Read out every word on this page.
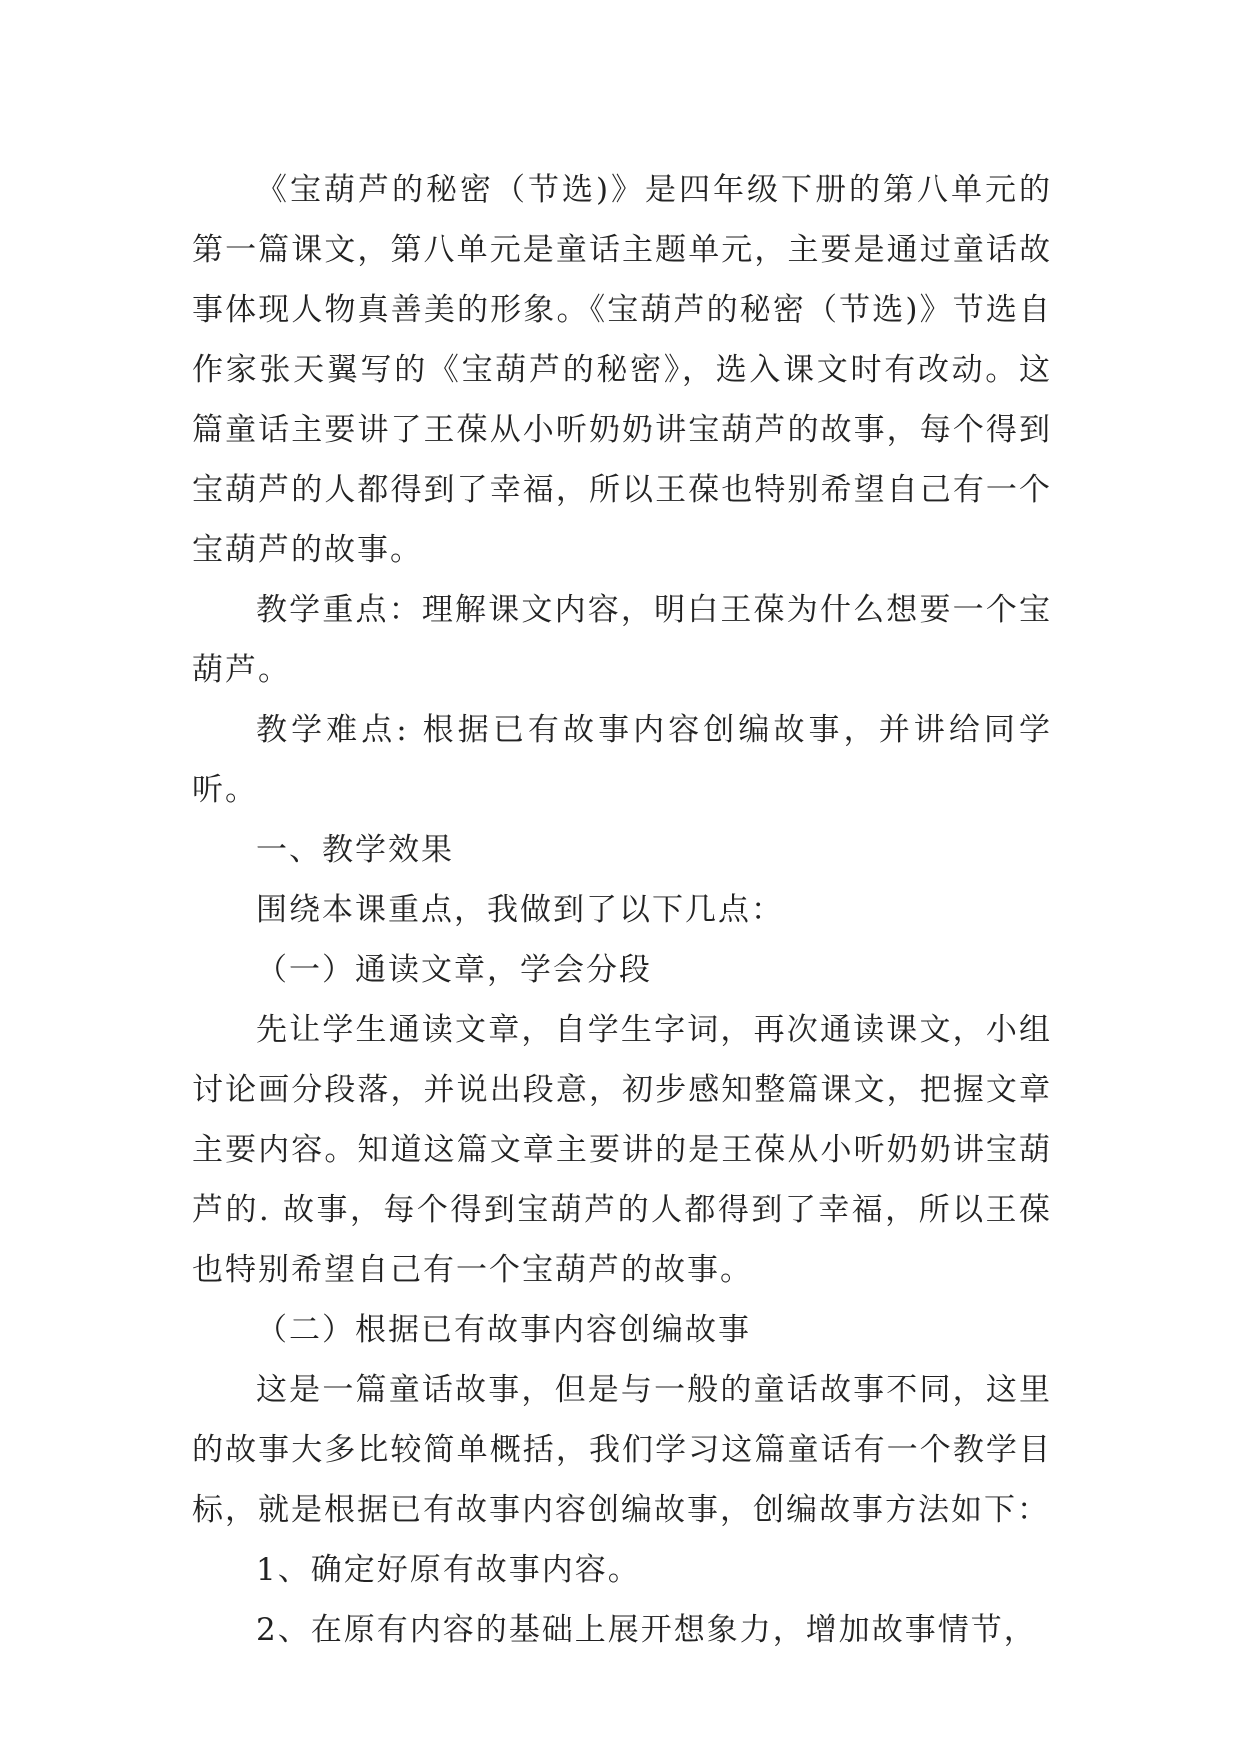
《宝葫芦的秘密（节选)》是四年级下册的第八单元的第一篇课文，第八单元是童话主题单元，主要是通过童话故事体现人物真善美的形象。《宝葫芦的秘密（节选)》节选自作家张天翼写的《宝葫芦的秘密》，选入课文时有改动。这篇童话主要讲了王葆从小听奶奶讲宝葫芦的故事，每个得到宝葫芦的人都得到了幸福，所以王葆也特别希望自己有一个宝葫芦的故事。

教学重点：理解课文内容，明白王葆为什么想要一个宝葫芦。

教学难点: 根据已有故事内容创编故事，并讲给同学听。

一、教学效果

围绕本课重点，我做到了以下几点：

（一）通读文章，学会分段

先让学生通读文章，自学生字词，再次通读课文，小组讨论画分段落，并说出段意，初步感知整篇课文，把握文章主要内容。知道这篇文章主要讲的是王葆从小听奶奶讲宝葫芦的. 故事，每个得到宝葫芦的人都得到了幸福，所以王葆也特别希望自己有一个宝葫芦的故事。

（二）根据已有故事内容创编故事

这是一篇童话故事，但是与一般的童话故事不同，这里的故事大多比较简单概括，我们学习这篇童话有一个教学目标，就是根据已有故事内容创编故事，创编故事方法如下：

1、确定好原有故事内容。

2、在原有内容的基础上展开想象力，增加故事情节，
